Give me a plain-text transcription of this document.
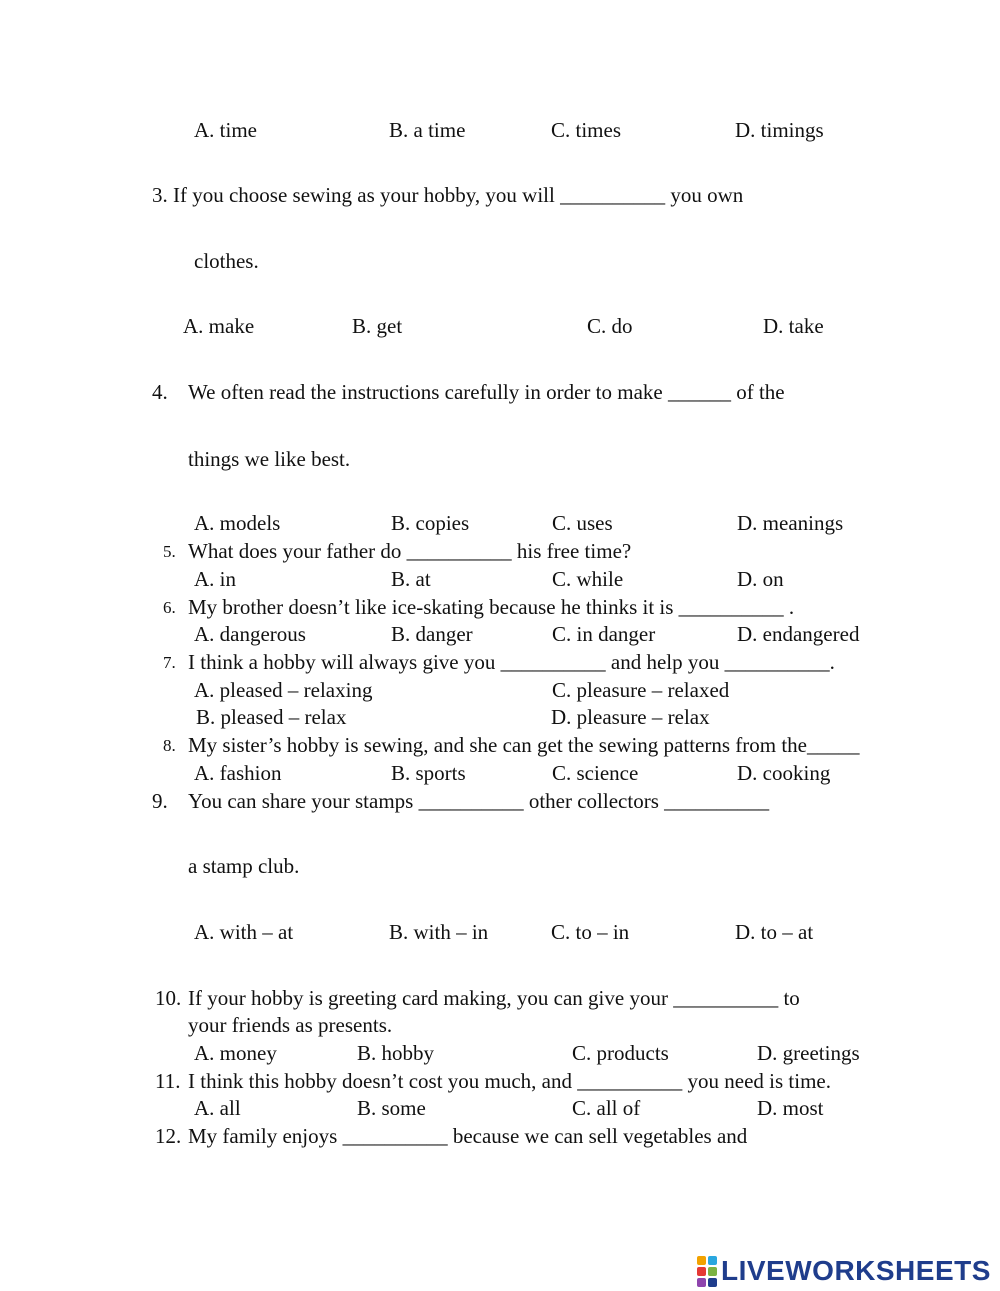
A. time	B. a time	C. times	D. timings
3. If you choose sewing as your hobby, you will __________ you own
clothes.
A. make	B. get	C. do	D. take
4. We often read the instructions carefully in order to make ______ of the
things we like best.
A. models	B. copies	C. uses	D. meanings
5. What does your father do __________ his free time?
A. in	B. at	C. while	D. on
6. My brother doesn’t like ice-skating because he thinks it is __________ .
A. dangerous	B. danger	C. in danger	D. endangered
7. I think a hobby will always give you __________ and help you __________.
A. pleased – relaxing	C. pleasure – relaxed
B. pleased – relax	D. pleasure – relax
8. My sister’s hobby is sewing, and she can get the sewing patterns from the_____
A. fashion	B. sports	C. science	D. cooking
9. You can share your stamps __________ other collectors __________
a stamp club.
A. with – at	B. with – in	C. to – in	D. to – at
10. If your hobby is greeting card making, you can give your __________ to
your friends as presents.
A. money	B. hobby	C. products	D. greetings
11. I think this hobby doesn’t cost you much, and __________ you need is time.
A. all	B. some	C. all of	D. most
12. My family enjoys __________ because we can sell vegetables and
LIVEWORKSHEETS
